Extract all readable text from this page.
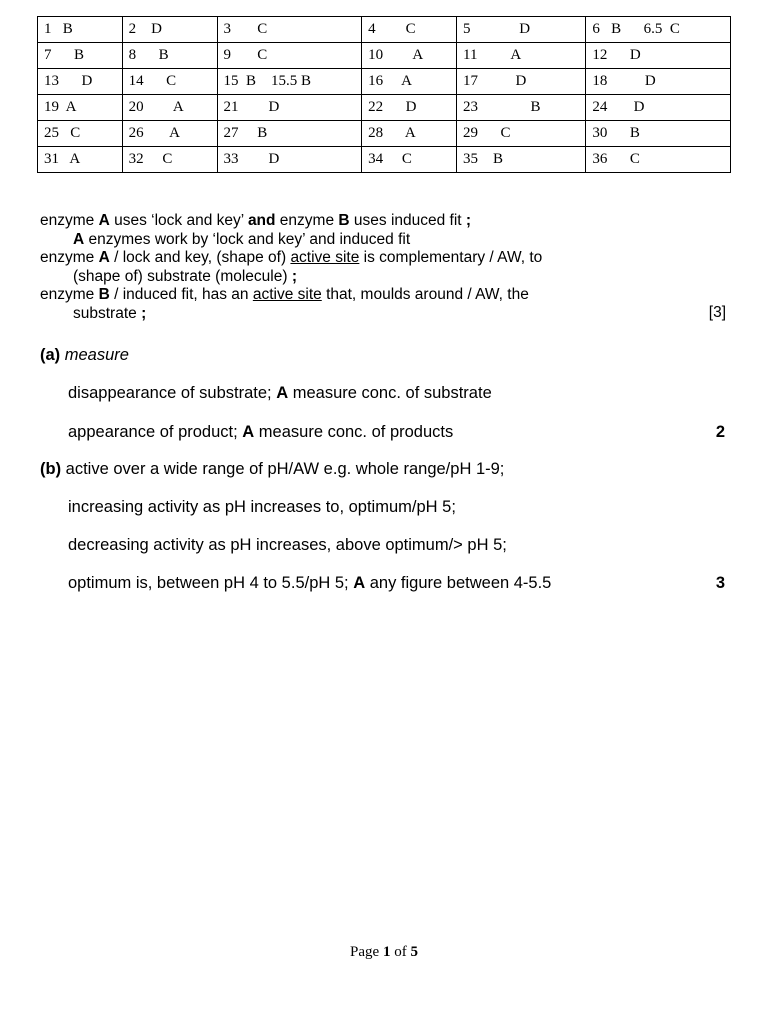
1   B	2    D	3       C	4        C	5             D	6   B      6.5  C
7      B	8      B	9       C	10        A	11         A	12      D
13      D	14      C	15  B    15.5 B	16     A	17          D	18          D
19  A	20        A	21        D	22      D	23              B	24       D
25   C	26       A	27     B	28      A	29      C	30      B
31   A	32     C	33        D	34     C	35    B	36      C
enzyme A uses ‘lock and key’ and enzyme B uses induced fit ;
A enzymes work by ‘lock and key’ and induced fit
enzyme A / lock and key, (shape of) active site is complementary / AW, to
(shape of) substrate (molecule) ;
enzyme B / induced fit, has an active site that, moulds around / AW, the
substrate ;	[3]
(a) measure
disappearance of substrate; A measure conc. of substrate
appearance of product; A measure conc. of products	2
(b) active over a wide range of pH/AW e.g. whole range/pH 1-9;
increasing activity as pH increases to, optimum/pH 5;
decreasing activity as pH increases, above optimum/> pH 5;
optimum is, between pH 4 to 5.5/pH 5; A any figure between 4-5.5	3
Page 1 of 5
